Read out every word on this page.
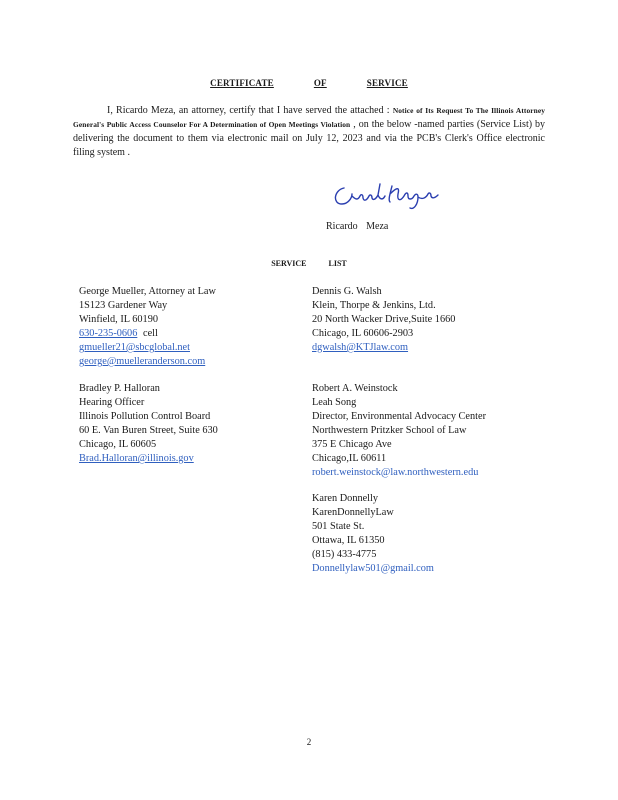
CERTIFICATE	OF	SERVICE

I, Ricardo Meza, an attorney, certify that I have served the attached : Notice of Its Request To The Illinois Attorney General's Public Access Counselor For A Determination of Open Meetings Violation , on the below -named parties (Service List) by delivering the document to them via electronic mail on July 12, 2023 and via the PCB's Clerk's Office electronic filing system .

Ricardo Meza
SERVICE	LIST
George Mueller, Attorney at Law
1S123 Gardener Way
Winfield, IL 60190
630-235-0606 cell
gmueller21@sbcglobal.net
george@muelleranderson.com
Dennis G. Walsh
Klein, Thorpe & Jenkins, Ltd.
20 North Wacker Drive,Suite 1660
Chicago, IL 60606-2903
dgwalsh@KTJlaw.com
Bradley P. Halloran
Hearing Officer
Illinois Pollution Control Board
60 E. Van Buren Street, Suite 630
Chicago, IL 60605
Brad.Halloran@illinois.gov
Robert A. Weinstock
Leah Song
Director, Environmental Advocacy Center
Northwestern Pritzker School of Law
375 E Chicago Ave
Chicago,IL 60611
robert.weinstock@law.northwestern.edu
Karen Donnelly
KarenDonnellyLaw
501 State St.
Ottawa, IL 61350
(815) 433-4775
Donnellylaw501@gmail.com
2
